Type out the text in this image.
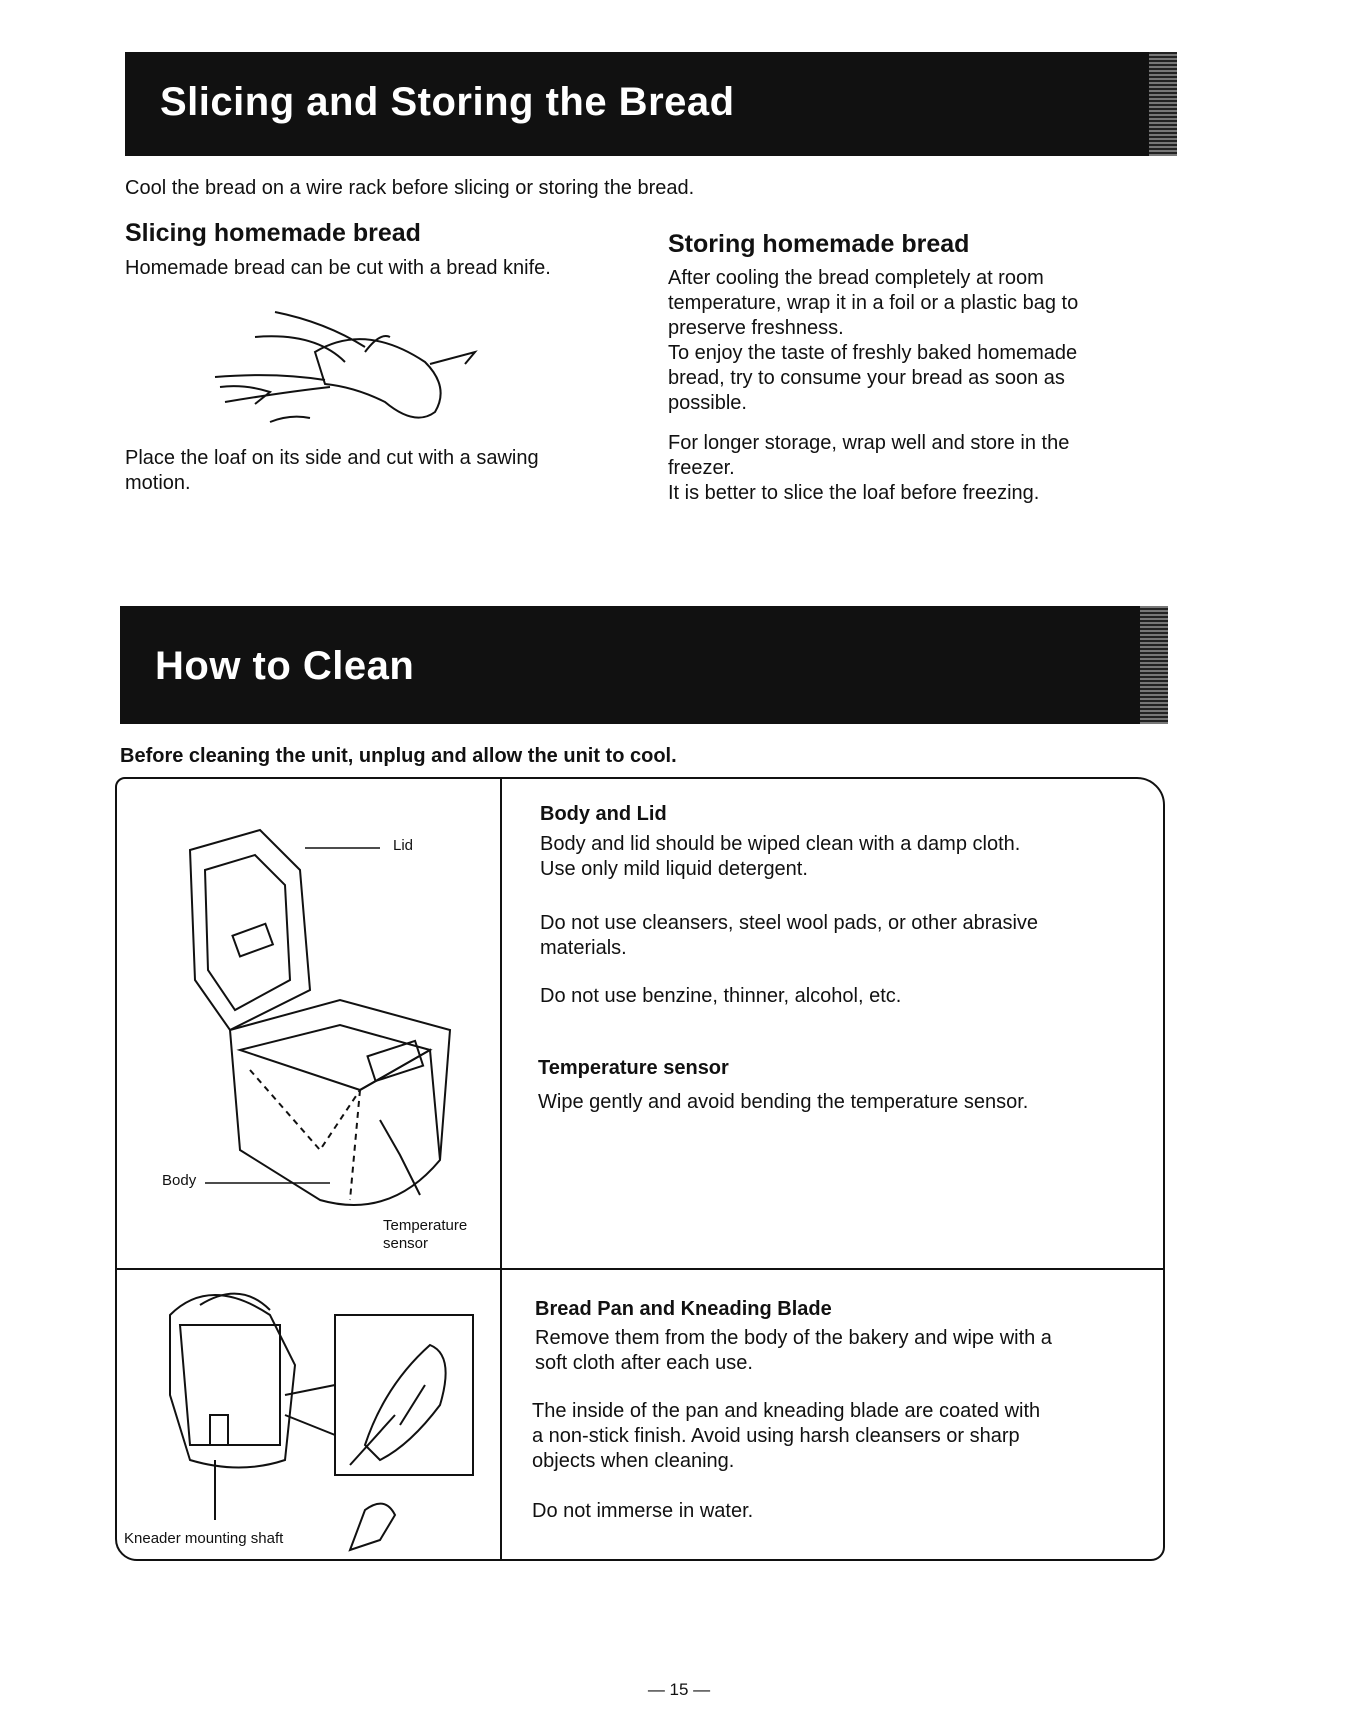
Slicing and Storing the Bread
Cool the bread on a wire rack before slicing or storing the bread.
Slicing homemade bread
Homemade bread can be cut with a bread knife.
Place the loaf on its side and cut with a sawing
motion.
Storing homemade bread
After cooling the bread completely at room
temperature, wrap it in a foil or a plastic bag to
preserve freshness.
To enjoy the taste of freshly baked homemade
bread, try to consume your bread as soon as
possible.
For longer storage, wrap well and store in the
freezer.
It is better to slice the loaf before freezing.
How to Clean
Before cleaning the unit, unplug and allow the unit to cool.
Lid
Body
Temperature
sensor
Body and Lid
Body and lid should be wiped clean with a damp cloth.
Use only mild liquid detergent.
Do not use cleansers, steel wool pads, or other abrasive
materials.
Do not use benzine, thinner, alcohol, etc.
Temperature sensor
Wipe gently and avoid bending the temperature sensor.
Kneader mounting shaft
Bread Pan and Kneading Blade
Remove them from the body of the bakery and wipe with a
soft cloth after each use.
The inside of the pan and kneading blade are coated with
a non-stick finish. Avoid using harsh cleansers or sharp
objects when cleaning.
Do not immerse in water.
— 15 —
